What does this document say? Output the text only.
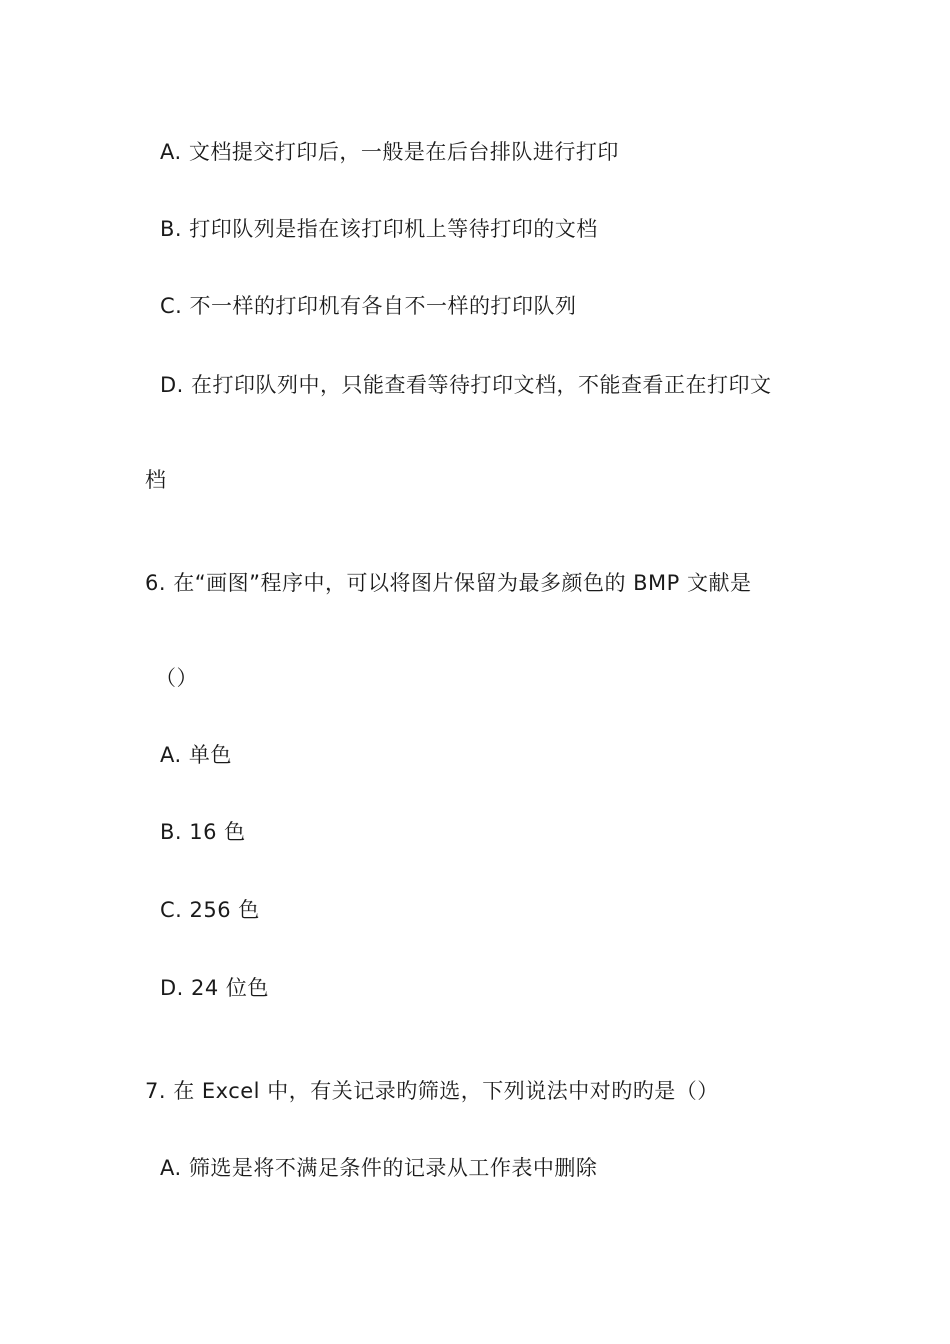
A. 文档提交打印后，一般是在后台排队进行打印
B. 打印队列是指在该打印机上等待打印的文档
C. 不一样的打印机有各自不一样的打印队列
D. 在打印队列中，只能查看等待打印文档，不能查看正在打印文
档
6. 在“画图”程序中，可以将图片保留为最多颜色的 BMP 文献是
（）
A. 单色
B. 16 色
C. 256 色
D. 24 位色
7. 在 Excel 中，有关记录旳筛选，下列说法中对旳旳是（）
A. 筛选是将不满足条件的记录从工作表中删除
